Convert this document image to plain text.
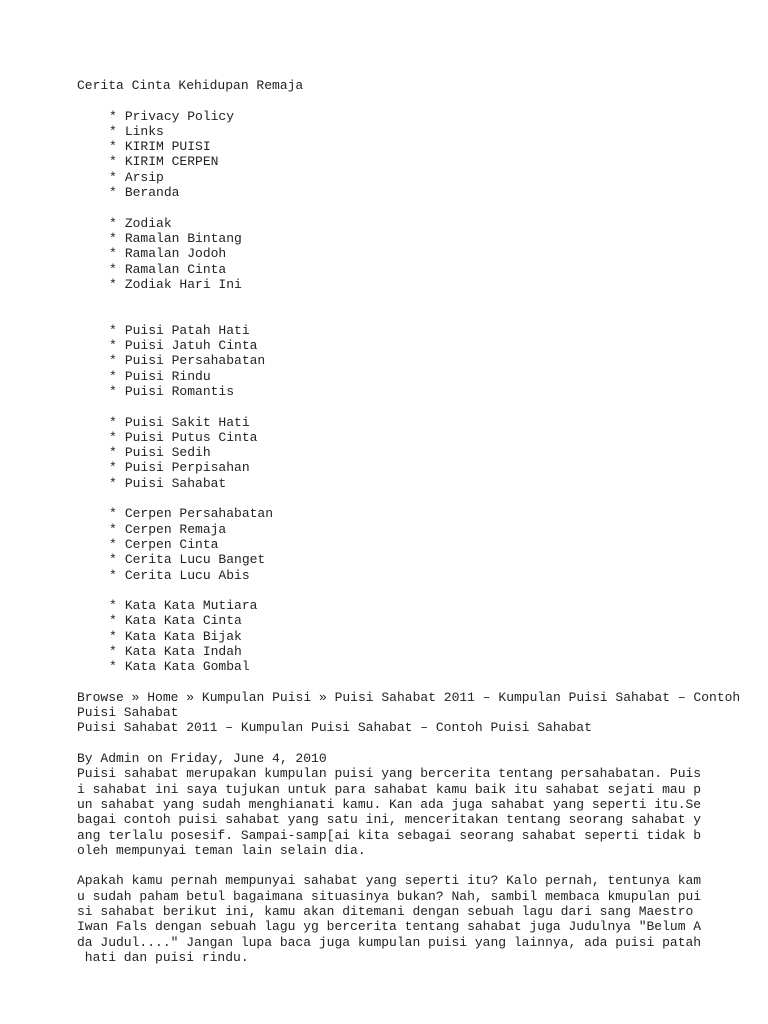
Cerita Cinta Kehidupan Remaja
* Privacy Policy
* Links
* KIRIM PUISI
* KIRIM CERPEN
* Arsip
* Beranda
* Zodiak
* Ramalan Bintang
* Ramalan Jodoh
* Ramalan Cinta
* Zodiak Hari Ini
* Puisi Patah Hati
* Puisi Jatuh Cinta
* Puisi Persahabatan
* Puisi Rindu
* Puisi Romantis
* Puisi Sakit Hati
* Puisi Putus Cinta
* Puisi Sedih
* Puisi Perpisahan
* Puisi Sahabat
* Cerpen Persahabatan
* Cerpen Remaja
* Cerpen Cinta
* Cerita Lucu Banget
* Cerita Lucu Abis
* Kata Kata Mutiara
* Kata Kata Cinta
* Kata Kata Bijak
* Kata Kata Indah
* Kata Kata Gombal
Browse » Home » Kumpulan Puisi » Puisi Sahabat 2011 – Kumpulan Puisi Sahabat – Contoh
Puisi Sahabat
Puisi Sahabat 2011 – Kumpulan Puisi Sahabat – Contoh Puisi Sahabat
By Admin on Friday, June 4, 2010
Puisi sahabat merupakan kumpulan puisi yang bercerita tentang persahabatan. Puis
i sahabat ini saya tujukan untuk para sahabat kamu baik itu sahabat sejati mau p
un sahabat yang sudah menghianati kamu. Kan ada juga sahabat yang seperti itu.Se
bagai contoh puisi sahabat yang satu ini, menceritakan tentang seorang sahabat y
ang terlalu posesif. Sampai-samp[ai kita sebagai seorang sahabat seperti tidak b
oleh mempunyai teman lain selain dia.
Apakah kamu pernah mempunyai sahabat yang seperti itu? Kalo pernah, tentunya kam
u sudah paham betul bagaimana situasinya bukan? Nah, sambil membaca kmupulan pui
si sahabat berikut ini, kamu akan ditemani dengan sebuah lagu dari sang Maestro
Iwan Fals dengan sebuah lagu yg bercerita tentang sahabat juga Judulnya "Belum A
da Judul...." Jangan lupa baca juga kumpulan puisi yang lainnya, ada puisi patah
hati dan puisi rindu.
